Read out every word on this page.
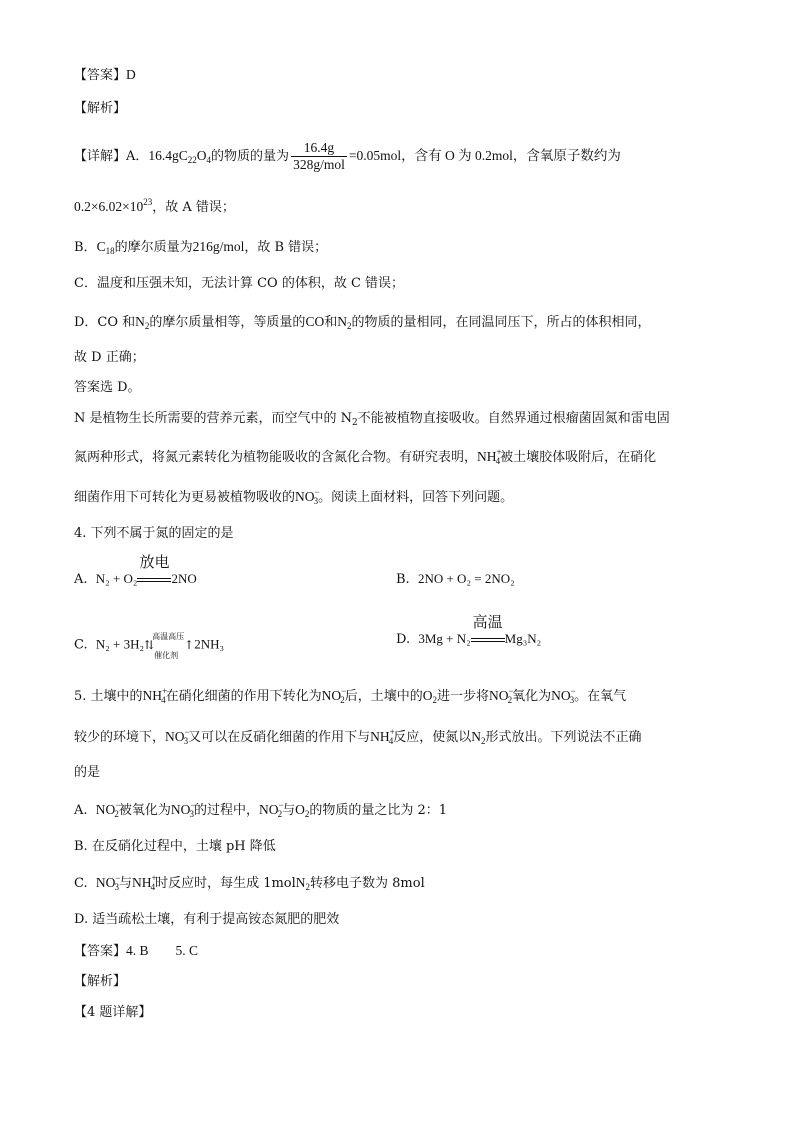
【答案】D
【解析】
【详解】A．$16.4gC_{22}O_4$的物质的量为 $\frac{16.4g}{\text{328g/mol}} =0.05mol$，含有 O 为 0.2mol，含氧原子数约为
$0.2\times 6.02\times 10^{23}$，故 A 错误；
B．$C_{18}$的摩尔质量为216g/mol，故 B 错误；
C．温度和压强未知，无法计算 CO 的体积，故 C 错误；
D．CO 和$N_2$的摩尔质量相等，等质量的CO和$N_2$的物质的量相同，在同温同压下，所占的体积相同，
故 D 正确；
答案选 D。
N 是植物生长所需要的营养元素，而空气中的 $N_2$不能被植物直接吸收。自然界通过根瘤菌固氮和雷电固
氮两种形式，将氮元素转化为植物能吸收的含氮化合物。有研究表明，$NH^+_4$被土壤胶体吸附后，在硝化
细菌作用下可转化为更易被植物吸收的$NO^-_3$。阅读上面材料，回答下列问题。
4. 下列不属于氮的固定的是
A. N₂ + O₂
放电
2NO	B. 2NO + O₂ = 2NO₂
C. N₂ + 3H₂ ⇅
高温高压
催化剂
↑ 2NH₃	D. 3Mg + N₂
高温
Mg₃N₂
5. 土壤中的$NH^+_4$在硝化细菌的作用下转化为$NO^-_2$后，土壤中的$O_2$进一步将$NO^-_2$氧化为$NO^-_3$。在氧气
较少的环境下，$NO^-_3$又可以在反硝化细菌的作用下与$NH^+_4$反应，使氮以$N_2$形式放出。下列说法不正确
的是
A. $NO^-_2$被氧化为$NO^-_3$的过程中，$NO^-_2$与$O_2$的物质的量之比为 2：1
B. 在反硝化过程中，土壤 pH 降低
C. $NO^-_3$与$NH^+_4$时反应时，每生成 1molN$_2$转移电子数为 8mol
D. 适当疏松土壤，有利于提高铵态氮肥的肥效
【答案】4. B　　5. C
【解析】
【4 题详解】
